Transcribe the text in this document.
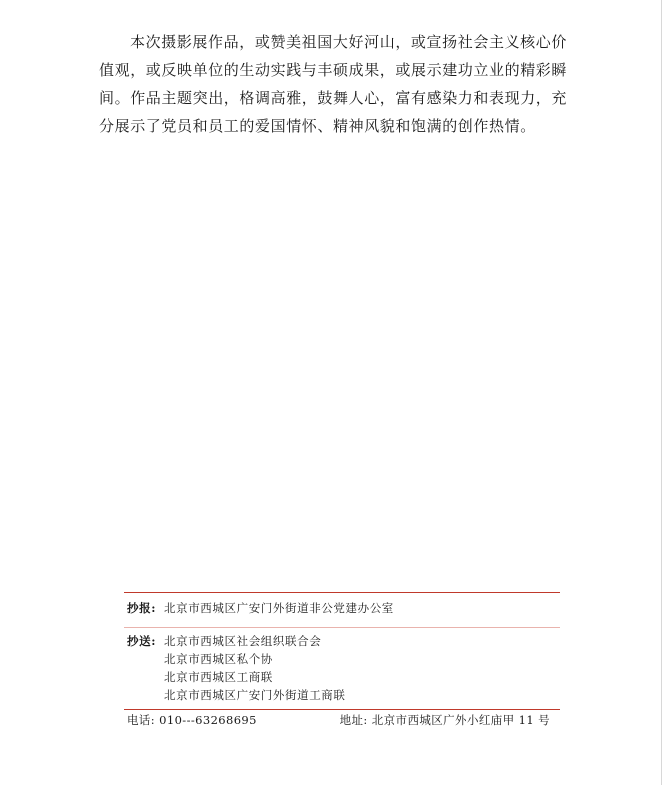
本次摄影展作品，或赞美祖国大好河山，或宣扬社会主义核心价值观，或反映单位的生动实践与丰硕成果，或展示建功立业的精彩瞬间。作品主题突出，格调高雅，鼓舞人心，富有感染力和表现力，充分展示了党员和员工的爱国情怀、精神风貌和饱满的创作热情。

抄报: 北京市西城区广安门外街道非公党建办公室
抄送: 北京市西城区社会组织联合会
北京市西城区私个协
北京市西城区工商联
北京市西城区广安门外街道工商联
电话: 010---63268695	地址: 北京市西城区广外小红庙甲 11 号
